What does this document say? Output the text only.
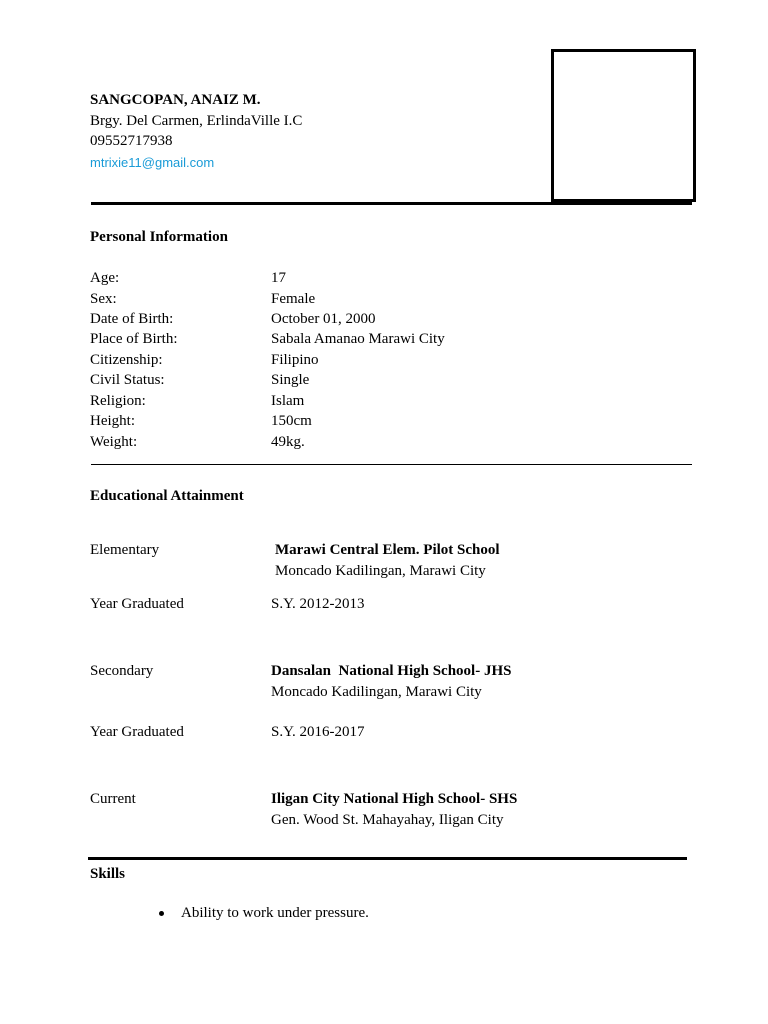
SANGCOPAN, ANAIZ M.
Brgy. Del Carmen, ErlindaVille I.C
09552717938
mtrixie11@gmail.com
Personal Information
Age:	17
Sex:	Female
Date of Birth:	October 01, 2000
Place of Birth:	Sabala Amanao Marawi City
Citizenship:	Filipino
Civil Status:	Single
Religion:	Islam
Height:	150cm
Weight:	49kg.
Educational Attainment
Elementary	Marawi Central Elem. Pilot School
Moncado Kadilingan, Marawi City
Year Graduated	S.Y. 2012-2013
Secondary	Dansalan  National High School- JHS
Moncado Kadilingan, Marawi City
Year Graduated	S.Y. 2016-2017
Current	Iligan City National High School- SHS
Gen. Wood St. Mahayahay, Iligan City
Skills
Ability to work under pressure.
